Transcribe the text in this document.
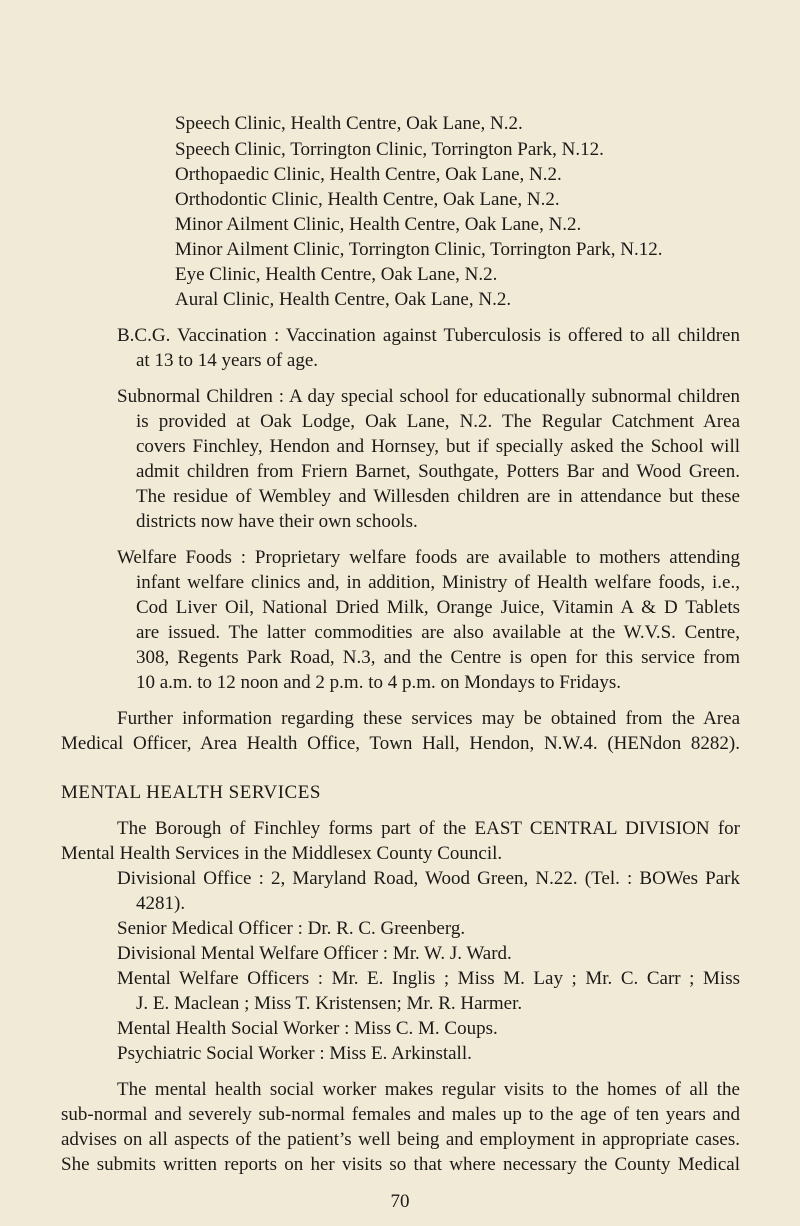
Speech Clinic, Health Centre, Oak Lane, N.2.

Speech Clinic, Torrington Clinic, Torrington Park, N.12.

Orthopaedic Clinic, Health Centre, Oak Lane, N.2.

Orthodontic Clinic, Health Centre, Oak Lane, N.2.

Minor Ailment Clinic, Health Centre, Oak Lane, N.2.

Minor Ailment Clinic, Torrington Clinic, Torrington Park, N.12.

Eye Clinic, Health Centre, Oak Lane, N.2.

Aural Clinic, Health Centre, Oak Lane, N.2.

B.C.G. Vaccination : Vaccination against Tuberculosis is offered to all children

at 13 to 14 years of age.

Subnormal Children : A day special school for educationally subnormal children

is provided at Oak Lodge, Oak Lane, N.2. The Regular Catchment Area

covers Finchley, Hendon and Hornsey, but if specially asked the School will

admit children from Friern Barnet, Southgate, Potters Bar and Wood Green.

The residue of Wembley and Willesden children are in attendance but these

districts now have their own schools.

Welfare Foods : Proprietary welfare foods are available to mothers attending

infant welfare clinics and, in addition, Ministry of Health welfare foods, i.e.,

Cod Liver Oil, National Dried Milk, Orange Juice, Vitamin A & D Tablets

are issued. The latter commodities are also available at the W.V.S. Centre,

308, Regents Park Road, N.3, and the Centre is open for this service from

10 a.m. to 12 noon and 2 p.m. to 4 p.m. on Mondays to Fridays.

Further information regarding these services may be obtained from the Area

Medical Officer, Area Health Office, Town Hall, Hendon, N.W.4. (HENdon 8282).

MENTAL HEALTH SERVICES

The Borough of Finchley forms part of the EAST CENTRAL DIVISION for

Mental Health Services in the Middlesex County Council.

Divisional Office : 2, Maryland Road, Wood Green, N.22. (Tel. : BOWes Park

4281).

Senior Medical Officer : Dr. R. C. Greenberg.

Divisional Mental Welfare Officer : Mr. W. J. Ward.

Mental Welfare Officers : Mr. E. Inglis ; Miss M. Lay ; Mr. C. Carr ; Miss

J. E. Maclean ; Miss T. Kristensen; Mr. R. Harmer.

Mental Health Social Worker : Miss C. M. Coups.

Psychiatric Social Worker : Miss E. Arkinstall.

The mental health social worker makes regular visits to the homes of all the

sub-normal and severely sub-normal females and males up to the age of ten years and

advises on all aspects of the patient’s well being and employment in appropriate cases.

She submits written reports on her visits so that where necessary the County Medical

70
